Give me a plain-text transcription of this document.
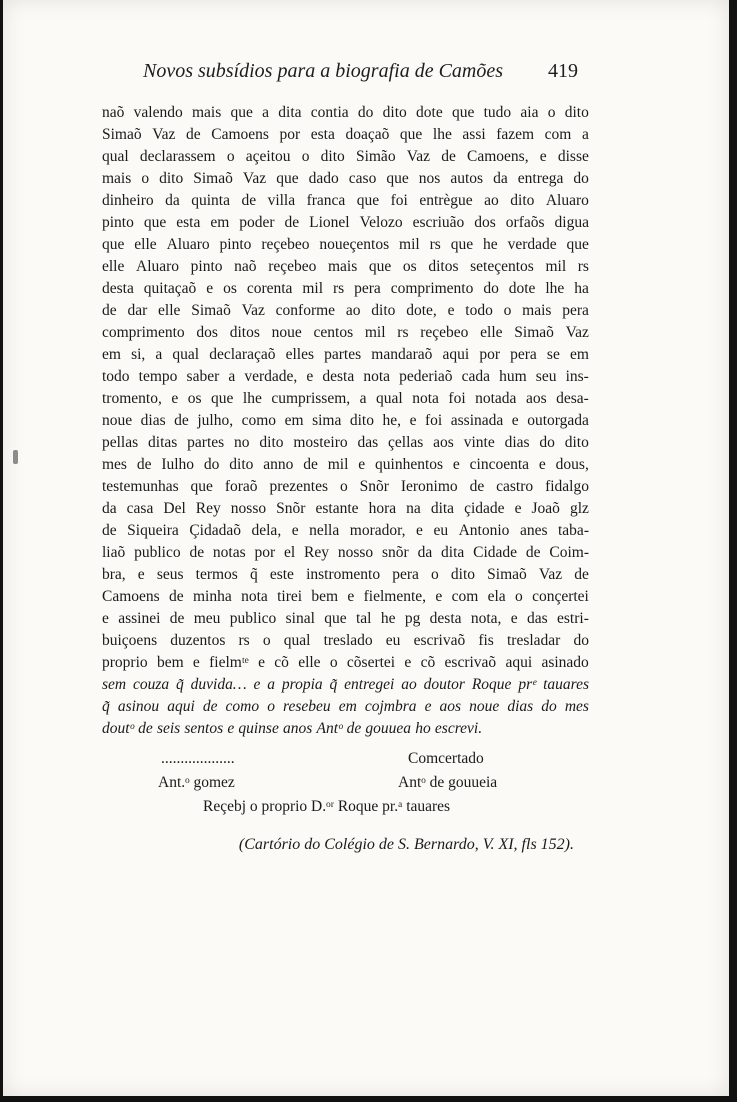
Novos subsídios para a biografia de Camões 419
naõ valendo mais que a dita contia do dito dote que tudo aia o dito
Simaõ Vaz de Camoens por esta doaçaõ que lhe assi fazem com a
qual declarassem o açeitou o dito Simão Vaz de Camoens, e disse
mais o dito Simaõ Vaz que dado caso que nos autos da entrega do
dinheiro da quinta de villa franca que foi entrègue ao dito Aluaro
pinto que esta em poder de Lionel Velozo escriuão dos orfaõs digua
que elle Aluaro pinto reçebeo noueçentos mil rs que he verdade que
elle Aluaro pinto naõ reçebeo mais que os ditos seteçentos mil rs
desta quitaçaõ e os corenta mil rs pera comprimento do dote lhe ha
de dar elle Simaõ Vaz conforme ao dito dote, e todo o mais pera
comprimento dos ditos noue centos mil rs reçebeo elle Simaõ Vaz
em si, a qual declaraçaõ elles partes mandaraõ aqui por pera se em
todo tempo saber a verdade, e desta nota pederiaõ cada hum seu ins-
tromento, e os que lhe cumprissem, a qual nota foi notada aos desa-
noue dias de julho, como em sima dito he, e foi assinada e outorgada
pellas ditas partes no dito mosteiro das çellas aos vinte dias do dito
mes de Iulho do dito anno de mil e quinhentos e cincoenta e dous,
testemunhas que foraõ prezentes o Snõr Ieronimo de castro fidalgo
da casa Del Rey nosso Snõr estante hora na dita çidade e Joaõ glz
de Siqueira Çidadaõ dela, e nella morador, e eu Antonio anes taba-
liaõ publico de notas por el Rey nosso snõr da dita Cidade de Coim-
bra, e seus termos q̃ este instromento pera o dito Simaõ Vaz de
Camoens de minha nota tirei bem e fielmente, e com ela o conçertei
e assinei de meu publico sinal que tal he pg desta nota, e das estri-
buiçoens duzentos rs o qual treslado eu escrivaõ fis tresladar do
proprio bem e fielmᵗᵉ e cõ elle o cõsertei e cõ escrivaõ aqui asinado
sem couza q̃ duvida… e a propia q̃ entregei ao doutor Roque prᵉ tauares
q̃ asinou aqui de como o resebeu em cojmbra e aos noue dias do mes
doutᵒ de seis sentos e quinse anos Antᵒ de gouuea ho escrevi.
...................	Comcertado
Ant.ᵒ gomez	Antᵒ de gouueia
Reçebj o proprio D.ᵒʳ Roque pr.ᵃ tauares
(Cartório do Colégio de S. Bernardo, V. XI, fls 152).
